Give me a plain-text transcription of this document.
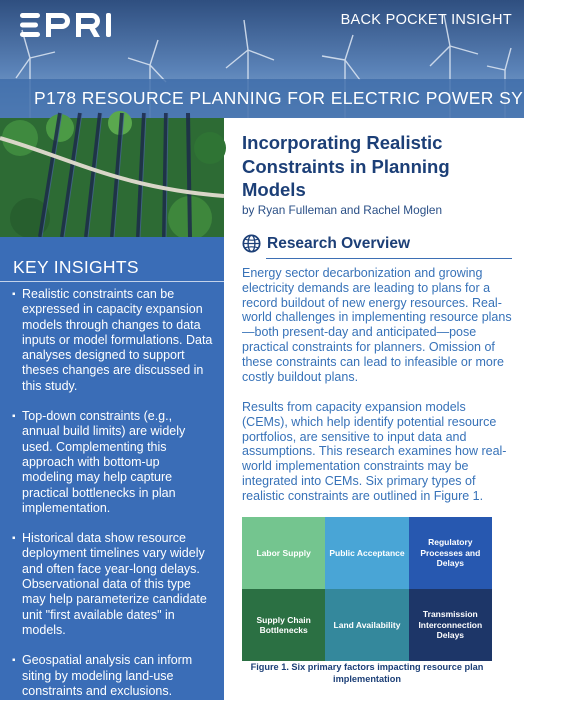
BACK POCKET INSIGHT
P178 RESOURCE PLANNING FOR ELECTRIC POWER SYSTEMS
KEY INSIGHTS
▪ Realistic constraints can be expressed in capacity expansion models through changes to data inputs or model formulations. Data analyses designed to support theses changes are discussed in this study.
▪ Top-down constraints (e.g., annual build limits) are widely used. Complementing this approach with bottom-up modeling may help capture practical bottlenecks in plan implementation.
▪ Historical data show resource deployment timelines vary widely and often face year-long delays. Observational data of this type may help parameterize candidate unit "first available dates" in models.
▪ Geospatial analysis can inform siting by modeling land-use constraints and exclusions.
Incorporating Realistic Constraints in Planning Models
by Ryan Fulleman and Rachel Moglen
Research Overview

Energy sector decarbonization and growing electricity demands are leading to plans for a record buildout of new energy resources. Real-world challenges in implementing resource plans—both present-day and anticipated—pose practical constraints for planners. Omission of these constraints can lead to infeasible or more costly buildout plans.

Results from capacity expansion models (CEMs), which help identify potential resource portfolios, are sensitive to input data and assumptions. This research examines how real-world implementation constraints may be integrated into CEMs. Six primary types of realistic constraints are outlined in Figure 1.

Labor Supply	Public Acceptance
Regulatory Processes and Delays
Supply Chain Bottlenecks
Land Availability
Transmission Interconnection Delays
Figure 1. Six primary factors impacting resource plan implementation
